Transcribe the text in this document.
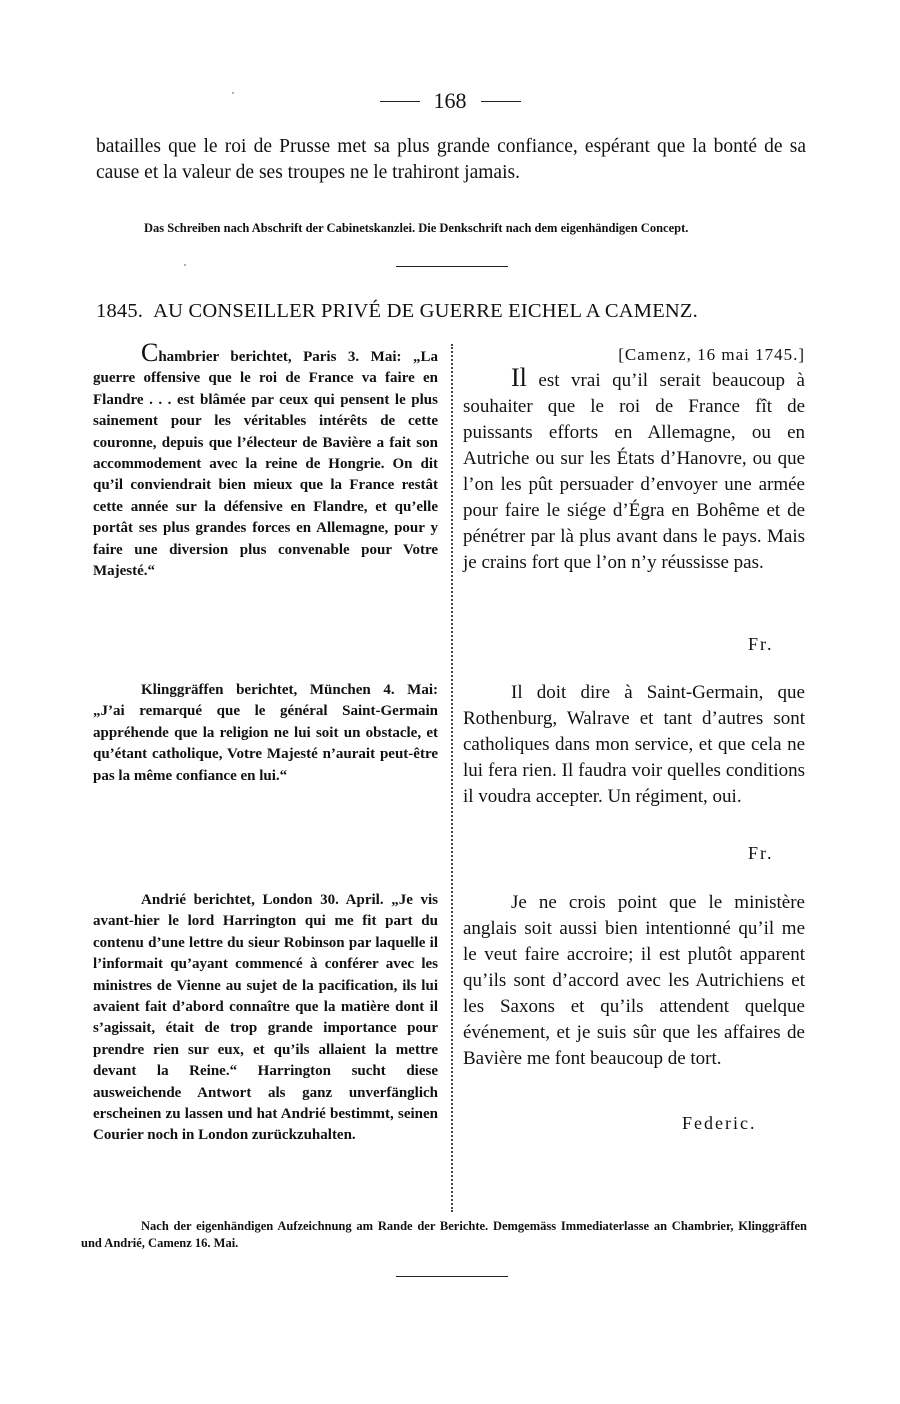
168
batailles que le roi de Prusse met sa plus grande confiance, espérant que la bonté de sa cause et la valeur de ses troupes ne le trahiront jamais.
Das Schreiben nach Abschrift der Cabinetskanzlei. Die Denkschrift nach dem eigenhändigen Concept.
1845. AU CONSEILLER PRIVÉ DE GUERRE EICHEL A CAMENZ.

Chambrier berichtet, Paris 3. Mai: „La guerre offensive que le roi de France va faire en Flandre . . . est blâmée par ceux qui pensent le plus sainement pour les véritables intérêts de cette couronne, depuis que l’électeur de Bavière a fait son accommodement avec la reine de Hongrie. On dit qu’il conviendrait bien mieux que la France restât cette année sur la défensive en Flandre, et qu’elle portât ses plus grandes forces en Allemagne, pour y faire une diversion plus convenable pour Votre Majesté.“

[Camenz, 16 mai 1745.]

Il est vrai qu’il serait beaucoup à souhaiter que le roi de France fît de puissants efforts en Allemagne, ou en Autriche ou sur les États d’Hanovre, ou que l’on les pût persuader d’envoyer une armée pour faire le siége d’Égra en Bohême et de pénétrer par là plus avant dans le pays. Mais je crains fort que l’on n’y réussisse pas.

Fr.

Klinggräffen berichtet, München 4. Mai: „J’ai remarqué que le général Saint-Germain appréhende que la religion ne lui soit un obstacle, et qu’étant catholique, Votre Majesté n’aurait peut-être pas la même confiance en lui.“

Il doit dire à Saint-Germain, que Rothenburg, Walrave et tant d’autres sont catholiques dans mon service, et que cela ne lui fera rien. Il faudra voir quelles conditions il voudra accepter. Un régiment, oui.

Fr.

Andrié berichtet, London 30. April. „Je vis avant-hier le lord Harrington qui me fit part du contenu d’une lettre du sieur Robinson par laquelle il l’informait qu’ayant commencé à conférer avec les ministres de Vienne au sujet de la pacification, ils lui avaient fait d’abord connaître que la matière dont il s’agissait, était de trop grande importance pour prendre rien sur eux, et qu’ils allaient la mettre devant la Reine.“ Harrington sucht diese ausweichende Antwort als ganz unverfänglich erscheinen zu lassen und hat Andrié bestimmt, seinen Courier noch in London zurückzuhalten.

Je ne crois point que le ministère anglais soit aussi bien intentionné qu’il me le veut faire accroire; il est plutôt apparent qu’ils sont d’accord avec les Autrichiens et les Saxons et qu’ils attendent quelque événement, et je suis sûr que les affaires de Bavière me font beaucoup de tort.

Federic.
Nach der eigenhändigen Aufzeichnung am Rande der Berichte. Demgemäss Immediaterlasse an Chambrier, Klinggräffen und Andrié, Camenz 16. Mai.
